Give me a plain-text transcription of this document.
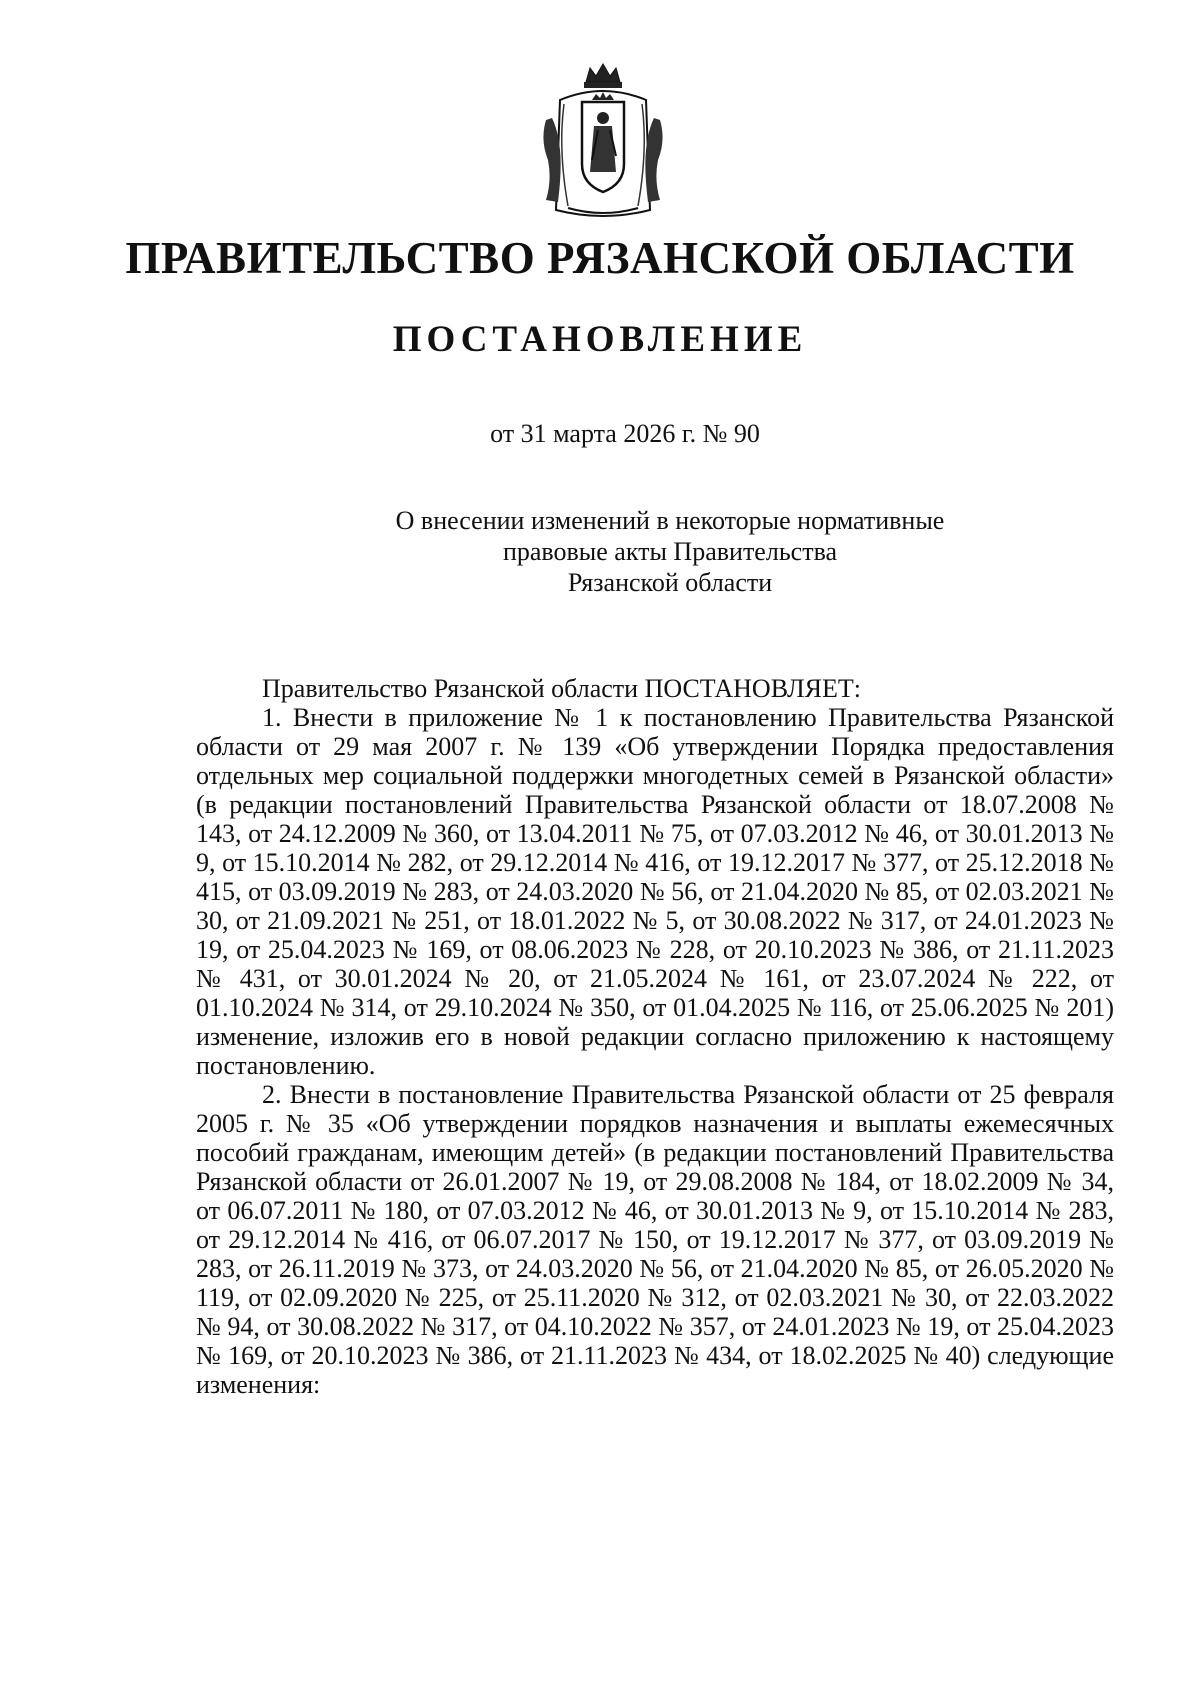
ПРАВИТЕЛЬСТВО РЯЗАНСКОЙ ОБЛАСТИ
ПОСТАНОВЛЕНИЕ
от 31 марта 2026 г. № 90
О внесении изменений в некоторые нормативные
правовые акты Правительства
Рязанской области

Правительство Рязанской области ПОСТАНОВЛЯЕТ:

1. Внести в приложение № 1 к постановлению Правительства Рязанской области от 29 мая 2007 г. № 139 «Об утверждении Порядка предоставления отдельных мер социальной поддержки многодетных семей в Рязанской области» (в редакции постановлений Правительства Рязанской области от 18.07.2008 № 143, от 24.12.2009 № 360, от 13.04.2011 № 75, от 07.03.2012 № 46, от 30.01.2013 № 9, от 15.10.2014 № 282, от 29.12.2014 № 416, от 19.12.2017 № 377, от 25.12.2018 № 415, от 03.09.2019 № 283, от 24.03.2020 № 56, от 21.04.2020 № 85, от 02.03.2021 № 30, от 21.09.2021 № 251, от 18.01.2022 № 5, от 30.08.2022 № 317, от 24.01.2023 № 19, от 25.04.2023 № 169, от 08.06.2023 № 228, от 20.10.2023 № 386, от 21.11.2023 № 431, от 30.01.2024 № 20, от 21.05.2024 № 161, от 23.07.2024 № 222, от 01.10.2024 № 314, от 29.10.2024 № 350, от 01.04.2025 № 116, от 25.06.2025 № 201) изменение, изложив его в новой редакции согласно приложению к настоящему постановлению.

2. Внести в постановление Правительства Рязанской области от 25 февраля 2005 г. № 35 «Об утверждении порядков назначения и выплаты ежемесячных пособий гражданам, имеющим детей» (в редакции постановлений Правительства Рязанской области от 26.01.2007 № 19, от 29.08.2008 № 184, от 18.02.2009 № 34, от 06.07.2011 № 180, от 07.03.2012 № 46, от 30.01.2013 № 9, от 15.10.2014 № 283, от 29.12.2014 № 416, от 06.07.2017 № 150, от 19.12.2017 № 377, от 03.09.2019 № 283, от 26.11.2019 № 373, от 24.03.2020 № 56, от 21.04.2020 № 85, от 26.05.2020 № 119, от 02.09.2020 № 225, от 25.11.2020 № 312, от 02.03.2021 № 30, от 22.03.2022 № 94, от 30.08.2022 № 317, от 04.10.2022 № 357, от 24.01.2023 № 19, от 25.04.2023 № 169, от 20.10.2023 № 386, от 21.11.2023 № 434, от 18.02.2025 № 40) следующие изменения:
